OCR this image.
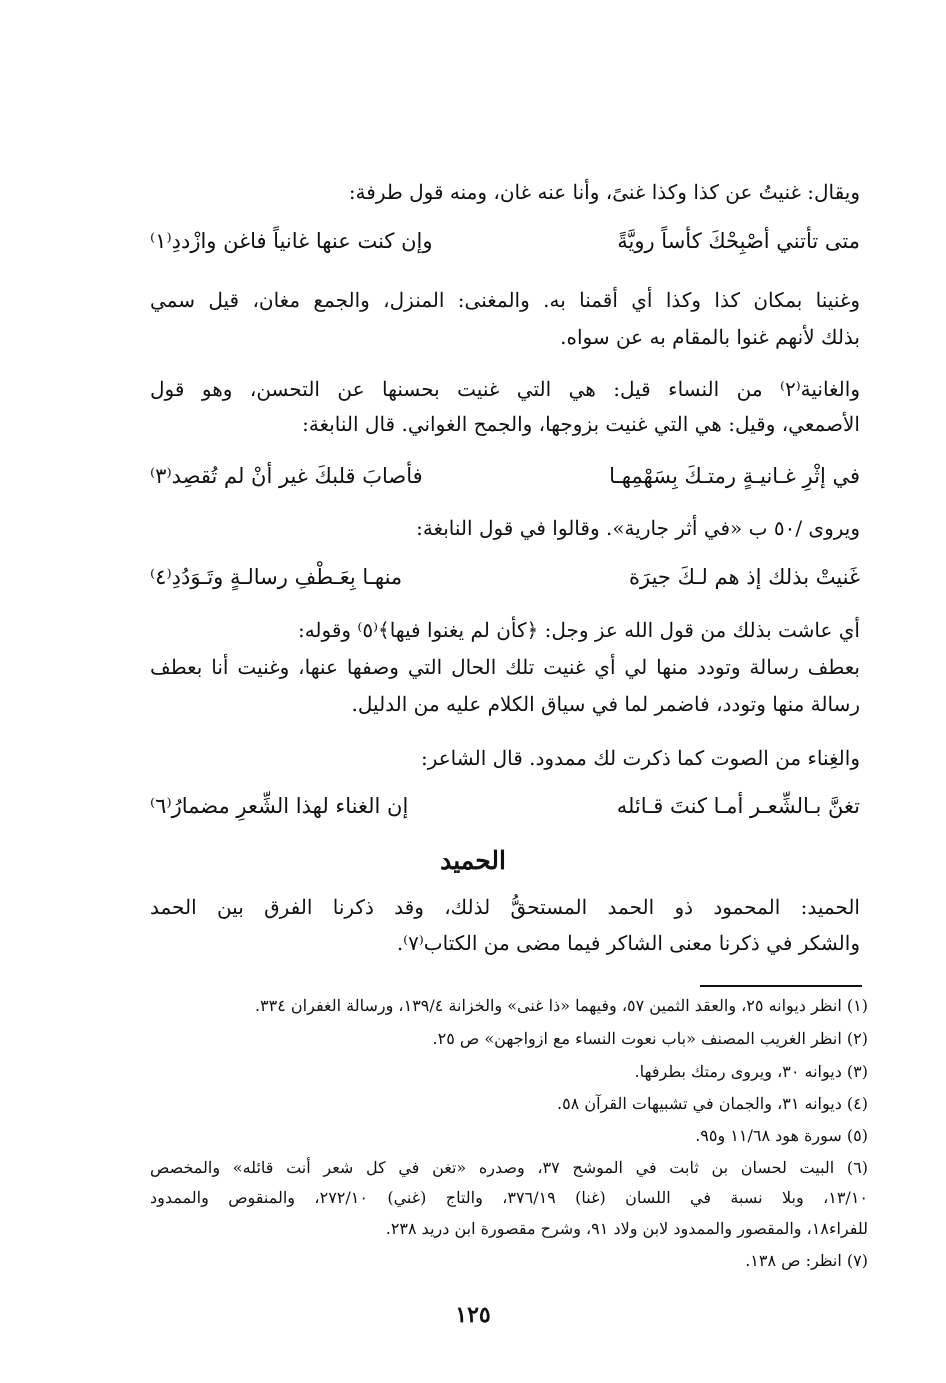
ويقال: غنيتُ عن كذا وكذا غنىً، وأنا عنه غان، ومنه قول طرفة:
متى تأتني أصْبِحْكَ كأساً رويَّةً
وإن كنت عنها غانياً فاغن وازْددِ⁽١⁾
وغنينا بمكان كذا وكذا أي أقمنا به. والمغنى: المنزل، والجمع مغان، قيل سمي
بذلك لأنهم غنوا بالمقام به عن سواه.
والغانية⁽٢⁾ من النساء قيل: هي التي غنيت بحسنها عن التحسن، وهو قول
الأصمعي، وقيل: هي التي غنيت بزوجها، والجمح الغواني. قال النابغة:
في إثْرِ غـانيـةٍ رمتـكَ بِسَهْمِهـا
فأصابَ قلبكَ غير أنْ لم تُقصِد⁽٣⁾
ويروى /٥٠ ب «في أثر جارية». وقالوا في قول النابغة:
غَنيتْ بذلك إذ هم لـكَ جيرَة
منهـا بِعَـطْفِ رسالـةٍ وتَـوَدُدِ⁽٤⁾
أي عاشت بذلك من قول الله عز وجل: ﴿كأن لم يغنوا فيها﴾⁽٥⁾ وقوله:
بعطف رسالة وتودد منها لي أي غنيت تلك الحال التي وصفها عنها، وغنيت أنا بعطف
رسالة منها وتودد، فاضمر لما في سياق الكلام عليه من الدليل.
والغِناء من الصوت كما ذكرت لك ممدود. قال الشاعر:
تغنَّ بـالشِّعـر أمـا كنتَ قـائله
إن الغناء لهذا الشِّعرِ مضمارُ⁽٦⁾
الحميد
الحميد: المحمود ذو الحمد المستحقُّ لذلك، وقد ذكرنا الفرق بين الحمد
والشكر في ذكرنا معنى الشاكر فيما مضى من الكتاب⁽٧⁾.
(١) انظر ديوانه ٢٥، والعقد الثمين ٥٧، وفيهما «ذا غنى» والخزانة ١٣٩/٤، ورسالة الغفران ٣٣٤.
(٢) انظر الغريب المصنف «باب نعوت النساء مع ازواجهن» ص ٢٥.
(٣) ديوانه ٣٠، ويروى رمتك بطرفها.
(٤) ديوانه ٣١، والجمان في تشبيهات القرآن ٥٨.
(٥) سورة هود ١١/٦٨ و٩٥.
(٦) البيت لحسان بن ثابت في الموشح ٣٧، وصدره «تغن في كل شعر أنت قائله» والمخصص
١٣/١٠، وبلا نسبة في اللسان (غنا) ٣٧٦/١٩، والتاج (غني) ٢٧٢/١٠، والمنقوص والممدود
للفراء١٨، والمقصور والممدود لابن ولاد ٩١، وشرح مقصورة ابن دريد ٢٣٨.
(٧) انظر: ص ١٣٨.
١٢٥
